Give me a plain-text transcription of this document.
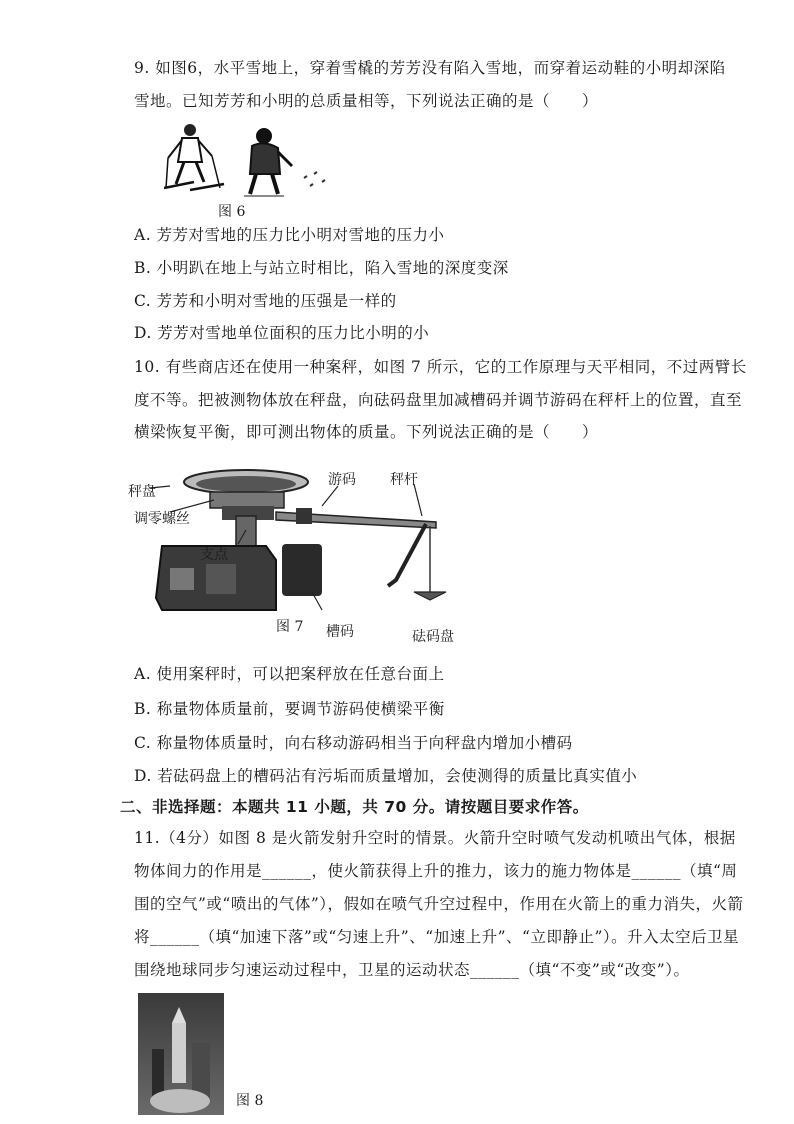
9. 如图6，水平雪地上，穿着雪橇的芳芳没有陷入雪地，而穿着运动鞋的小明却深陷
雪地。已知芳芳和小明的总质量相等，下列说法正确的是（　　）
图 6
A. 芳芳对雪地的压力比小明对雪地的压力小
B. 小明趴在地上与站立时相比，陷入雪地的深度变深
C. 芳芳和小明对雪地的压强是一样的
D. 芳芳对雪地单位面积的压力比小明的小
10. 有些商店还在使用一种案秤，如图 7 所示，它的工作原理与天平相同，不过两臂长
度不等。把被测物体放在秤盘，向砝码盘里加减槽码并调节游码在秤杆上的位置，直至
横梁恢复平衡，即可测出物体的质量。下列说法正确的是（　　）
秤盘
调零螺丝
支点
游码 秤杆
槽码	砝码盘
图 7
A. 使用案秤时，可以把案秤放在任意台面上
B. 称量物体质量前，要调节游码使横梁平衡
C. 称量物体质量时，向右移动游码相当于向秤盘内增加小槽码
D. 若砝码盘上的槽码沾有污垢而质量增加，会使测得的质量比真实值小
二、非选择题：本题共 11 小题，共 70 分。请按题目要求作答。
11.（4分）如图 8 是火箭发射升空时的情景。火箭升空时喷气发动机喷出气体，根据
物体间力的作用是______，使火箭获得上升的推力，该力的施力物体是______（填“周
围的空气”或“喷出的气体”），假如在喷气升空过程中，作用在火箭上的重力消失，火箭
将______（填“加速下落”或“匀速上升”、“加速上升”、“立即静止”）。升入太空后卫星
围绕地球同步匀速运动过程中，卫星的运动状态______（填“不变”或“改变”）。
图 8
